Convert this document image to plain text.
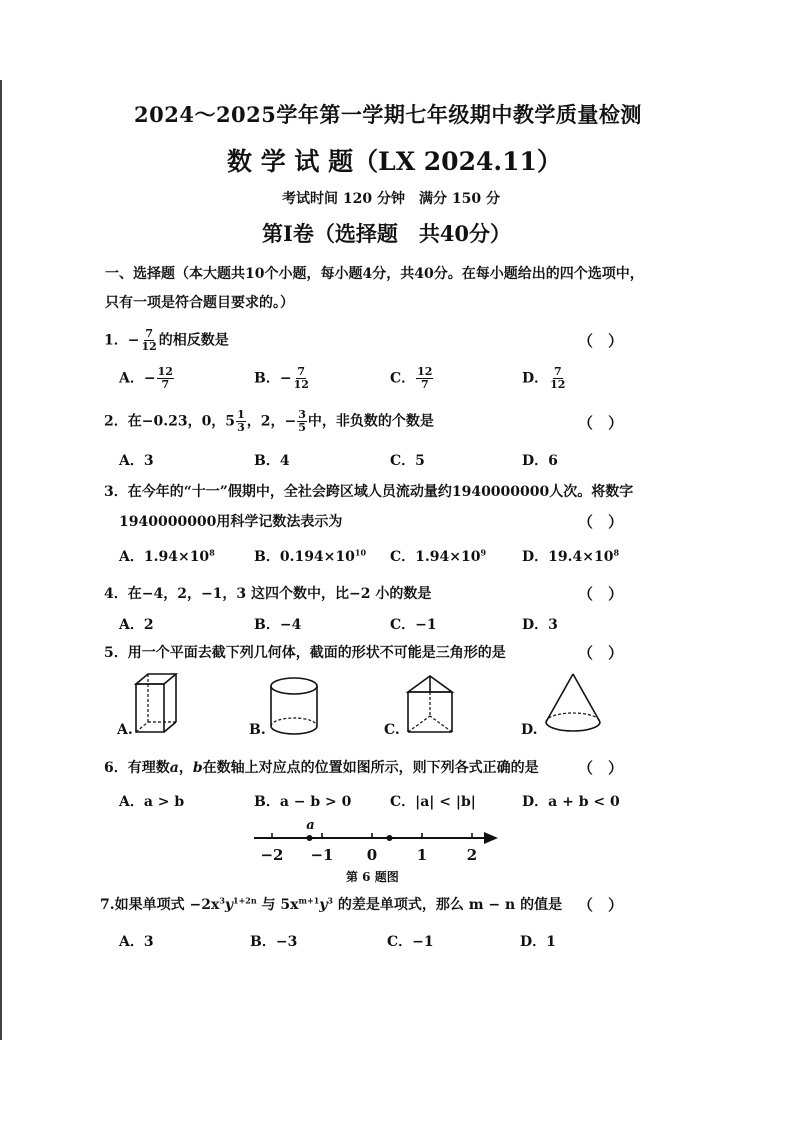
2024～2025学年第一学期七年级期中教学质量检测
数 学 试 题（LX 2024.11）
考试时间 120 分钟　满分 150 分
第Ⅰ卷（选择题　共40分）
一、选择题（本大题共10个小题，每小题4分，共40分。在每小题给出的四个选项中，
只有一项是符合题目要求的。）
1．− $\frac{7}{12}$ 的相反数是	（　）
A．− $\frac{12}{7}$	B．− $\frac{7}{12}$	C． $\frac{12}{7}$	D． $\frac{7}{12}$
2．在−0.23，0，$5 \frac{1}{3}$ ，2，− $\frac{3}{5}$ 中，非负数的个数是	（　）
A．3	B．4	C．5	D．6
3．在今年的“十一”假期中，全社会跨区域人员流动量约1940000000人次。将数字
1940000000用科学记数法表示为	（　）
A．$1.94\times 10^8$	B．$0.194\times 10^{10}$ C．$1.94\times 10^9$	D．$19.4\times 10^8$
4．在−4，2，−1，3 这四个数中，比−2 小的数是	（　）
A．2	B．−4	C．−1	D．3
5．用一个平面去截下列几何体，截面的形状不可能是三角形的是	（　）
A.	B.	C.	D.
6．有理数a，b在数轴上对应点的位置如图所示，则下列各式正确的是	（　）
A．a > b	B．a − b > 0	C．|a| < |b|	D．a + b < 0
−2 −1 0	1	2
a
第 6 题图
7.如果单项式 $-2x^3y^{1+2n}$ 与 $5x^{m+1}y^3$ 的差是单项式，那么 m − n 的值是 （　）
A．3	B．−3	C．−1	D．1
